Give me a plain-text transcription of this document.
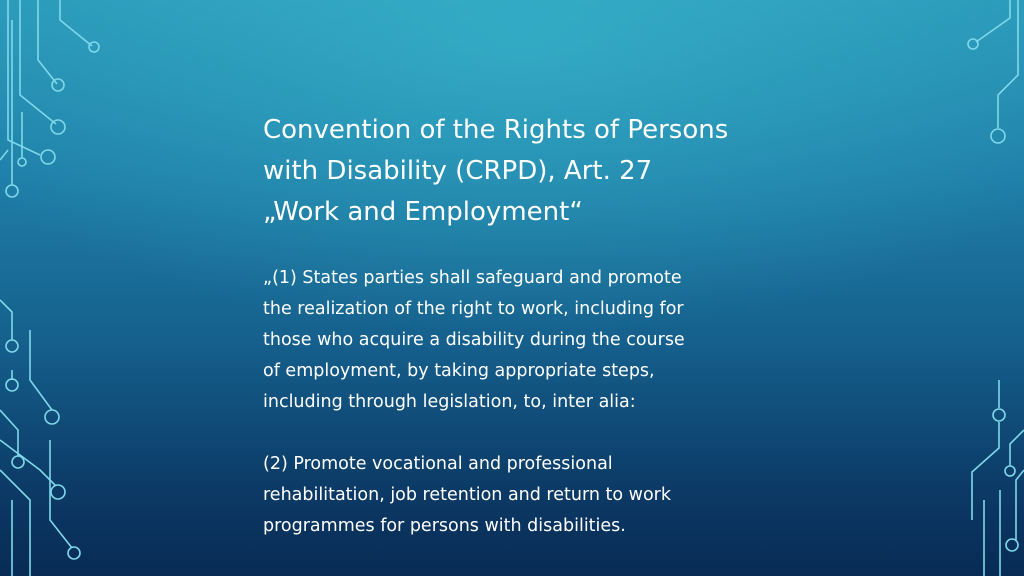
Convention of the Rights of Persons
with Disability (CRPD), Art. 27
„Work and Employment“

„(1) States parties shall safeguard and promote
the realization of the right to work, including for
those who acquire a disability during the course
of employment, by taking appropriate steps,
including through legislation, to, inter alia:

(2) Promote vocational and professional
rehabilitation, job retention and return to work
programmes for persons with disabilities.
